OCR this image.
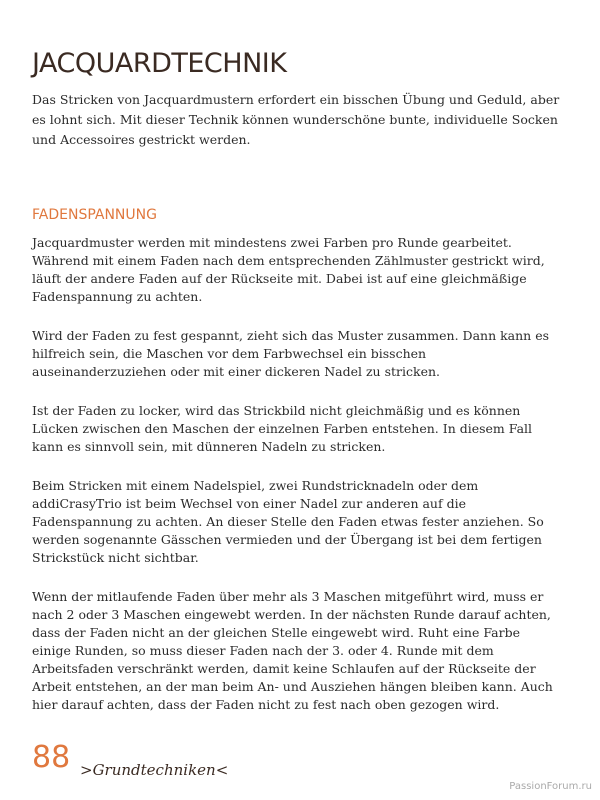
JACQUARDTECHNIK

Das Stricken von Jacquardmustern erfordert ein bisschen Übung und Geduld, aber es lohnt sich. Mit dieser Technik können wunderschöne bunte, individuelle Socken und Accessoires gestrickt werden.

FADENSPANNUNG

Jacquardmuster werden mit mindestens zwei Farben pro Runde gearbeitet. Während mit einem Faden nach dem entsprechenden Zählmuster gestrickt wird, läuft der andere Faden auf der Rückseite mit. Dabei ist auf eine gleichmäßige Fadenspannung zu achten.

Wird der Faden zu fest gespannt, zieht sich das Muster zusammen. Dann kann es hilfreich sein, die Maschen vor dem Farbwechsel ein bisschen auseinanderzuziehen oder mit einer dickeren Nadel zu stricken.

Ist der Faden zu locker, wird das Strickbild nicht gleichmäßig und es können Lücken zwischen den Maschen der einzelnen Farben entstehen. In diesem Fall kann es sinnvoll sein, mit dünneren Nadeln zu stricken.

Beim Stricken mit einem Nadelspiel, zwei Rundstricknadeln oder dem addiCrasyTrio ist beim Wechsel von einer Nadel zur anderen auf die Fadenspannung zu achten. An dieser Stelle den Faden etwas fester anziehen. So werden sogenannte Gässchen vermieden und der Übergang ist bei dem fertigen Strickstück nicht sichtbar.

Wenn der mitlaufende Faden über mehr als 3 Maschen mitgeführt wird, muss er nach 2 oder 3 Maschen eingewebt werden. In der nächsten Runde darauf achten, dass der Faden nicht an der gleichen Stelle eingewebt wird. Ruht eine Farbe einige Runden, so muss dieser Faden nach der 3. oder 4. Runde mit dem Arbeitsfaden verschränkt werden, damit keine Schlaufen auf der Rückseite der Arbeit entstehen, an der man beim An- und Ausziehen hängen bleiben kann. Auch hier darauf achten, dass der Faden nicht zu fest nach oben gezogen wird.

88 >Grundtechniken<
PassionForum.ru
